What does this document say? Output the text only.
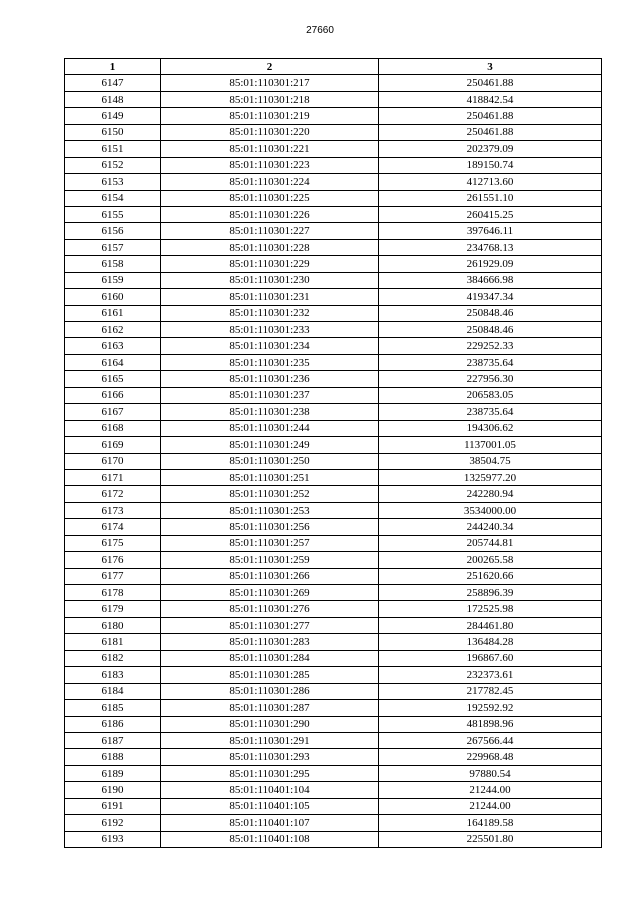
27660
1	2	3
6147	85:01:110301:217	250461.88
6148	85:01:110301:218	418842.54
6149	85:01:110301:219	250461.88
6150	85:01:110301:220	250461.88
6151	85:01:110301:221	202379.09
6152	85:01:110301:223	189150.74
6153	85:01:110301:224	412713.60
6154	85:01:110301:225	261551.10
6155	85:01:110301:226	260415.25
6156	85:01:110301:227	397646.11
6157	85:01:110301:228	234768.13
6158	85:01:110301:229	261929.09
6159	85:01:110301:230	384666.98
6160	85:01:110301:231	419347.34
6161	85:01:110301:232	250848.46
6162	85:01:110301:233	250848.46
6163	85:01:110301:234	229252.33
6164	85:01:110301:235	238735.64
6165	85:01:110301:236	227956.30
6166	85:01:110301:237	206583.05
6167	85:01:110301:238	238735.64
6168	85:01:110301:244	194306.62
6169	85:01:110301:249	1137001.05
6170	85:01:110301:250	38504.75
6171	85:01:110301:251	1325977.20
6172	85:01:110301:252	242280.94
6173	85:01:110301:253	3534000.00
6174	85:01:110301:256	244240.34
6175	85:01:110301:257	205744.81
6176	85:01:110301:259	200265.58
6177	85:01:110301:266	251620.66
6178	85:01:110301:269	258896.39
6179	85:01:110301:276	172525.98
6180	85:01:110301:277	284461.80
6181	85:01:110301:283	136484.28
6182	85:01:110301:284	196867.60
6183	85:01:110301:285	232373.61
6184	85:01:110301:286	217782.45
6185	85:01:110301:287	192592.92
6186	85:01:110301:290	481898.96
6187	85:01:110301:291	267566.44
6188	85:01:110301:293	229968.48
6189	85:01:110301:295	97880.54
6190	85:01:110401:104	21244.00
6191	85:01:110401:105	21244.00
6192	85:01:110401:107	164189.58
6193	85:01:110401:108	225501.80
